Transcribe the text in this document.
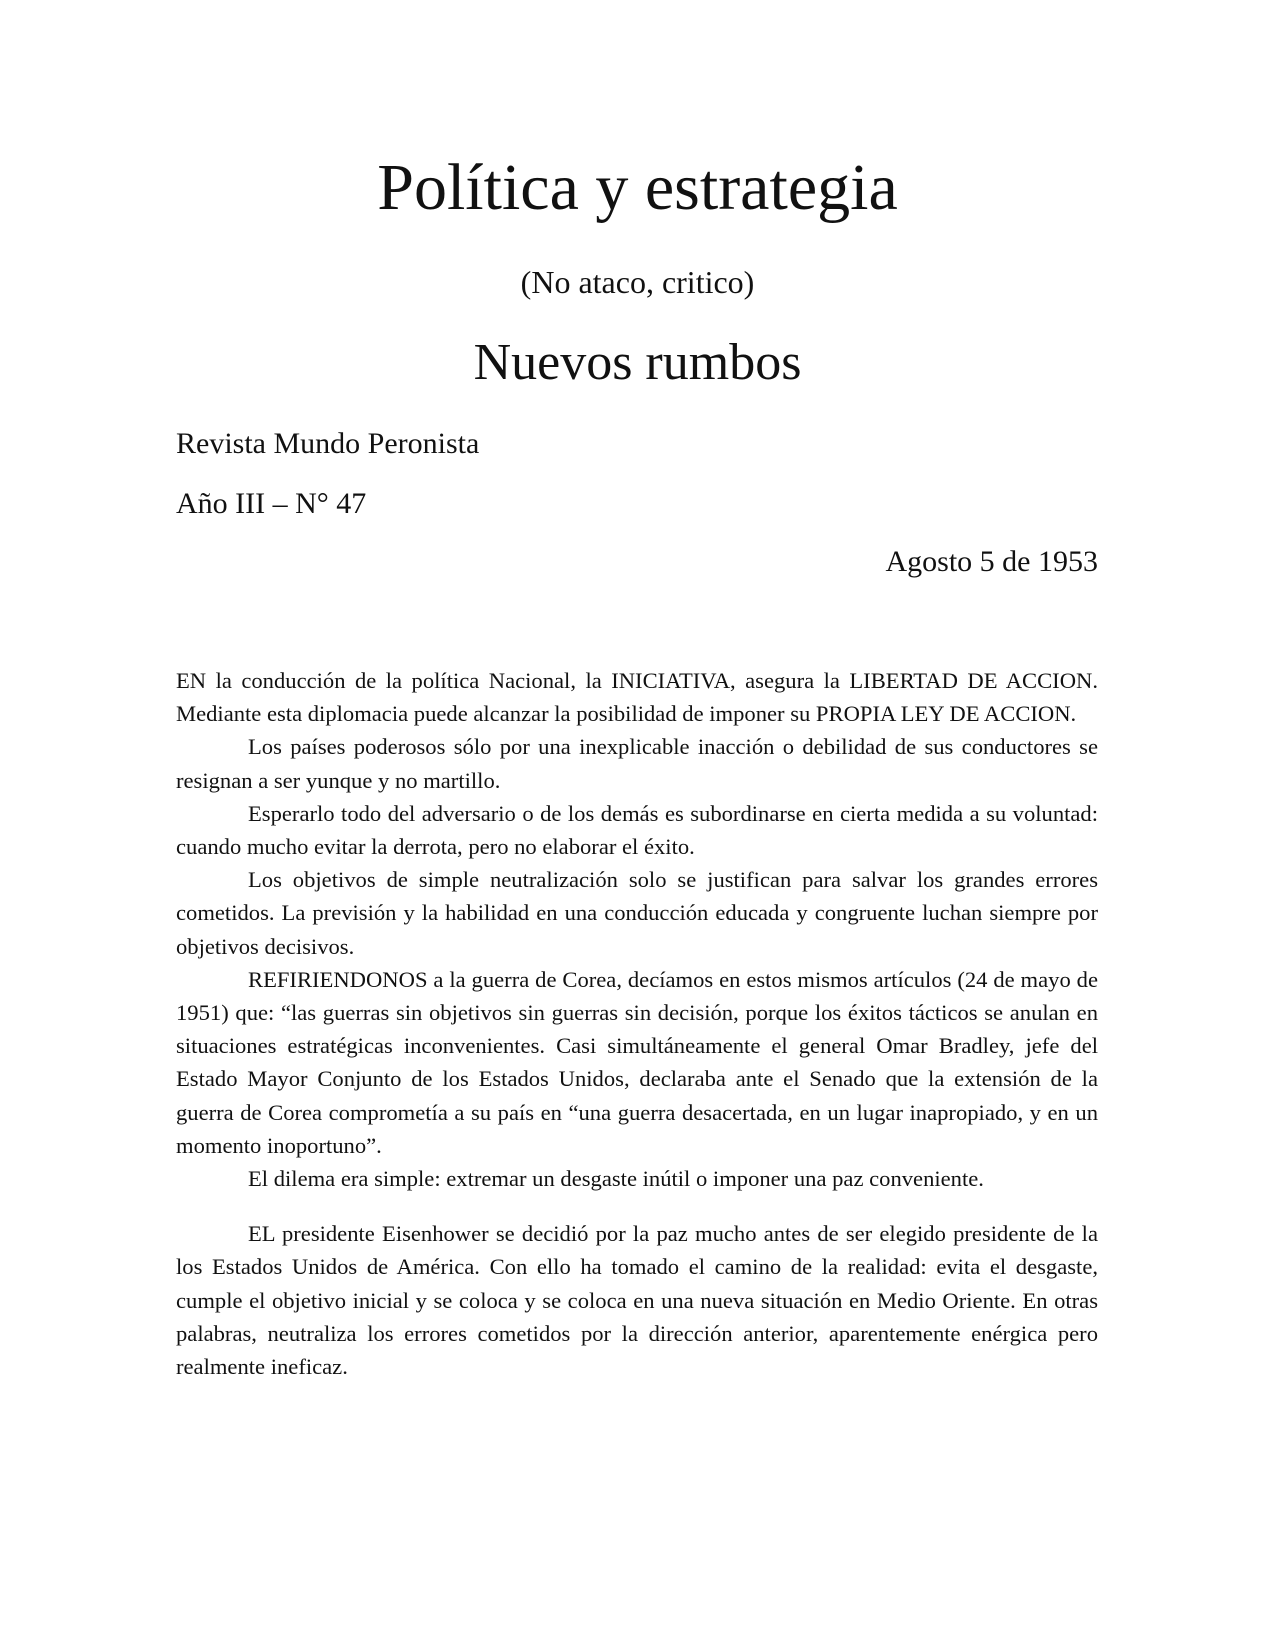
Política y estrategia
(No ataco, critico)
Nuevos rumbos
Revista Mundo Peronista
Año III – N° 47
Agosto 5 de 1953

EN la conducción de la política Nacional, la INICIATIVA, asegura la LIBERTAD DE ACCION. Mediante esta diplomacia puede alcanzar la posibilidad de imponer su PROPIA LEY DE ACCION.

Los países poderosos sólo por una inexplicable inacción o debilidad de sus conductores se resignan a ser yunque y no martillo.

Esperarlo todo del adversario o de los demás es subordinarse en cierta medida a su voluntad: cuando mucho evitar la derrota, pero no elaborar el éxito.

Los objetivos de simple neutralización solo se justifican para salvar los grandes errores cometidos. La previsión y la habilidad en una conducción educada y congruente luchan siempre por objetivos decisivos.

REFIRIENDONOS a la guerra de Corea, decíamos en estos mismos artículos (24 de mayo de 1951) que: “las guerras sin objetivos sin guerras sin decisión, porque los éxitos tácticos se anulan en situaciones estratégicas inconvenientes. Casi simultáneamente el general Omar Bradley, jefe del Estado Mayor Conjunto de los Estados Unidos, declaraba ante el Senado que la extensión de la guerra de Corea comprometía a su país en “una guerra desacertada, en un lugar inapropiado, y en un momento inoportuno”.

El dilema era simple: extremar un desgaste inútil o imponer una paz conveniente.

EL presidente Eisenhower se decidió por la paz mucho antes de ser elegido presidente de la los Estados Unidos de América. Con ello ha tomado el camino de la realidad: evita el desgaste, cumple el objetivo inicial y se coloca y se coloca en una nueva situación en Medio Oriente. En otras palabras, neutraliza los errores cometidos por la dirección anterior, aparentemente enérgica pero realmente ineficaz.
